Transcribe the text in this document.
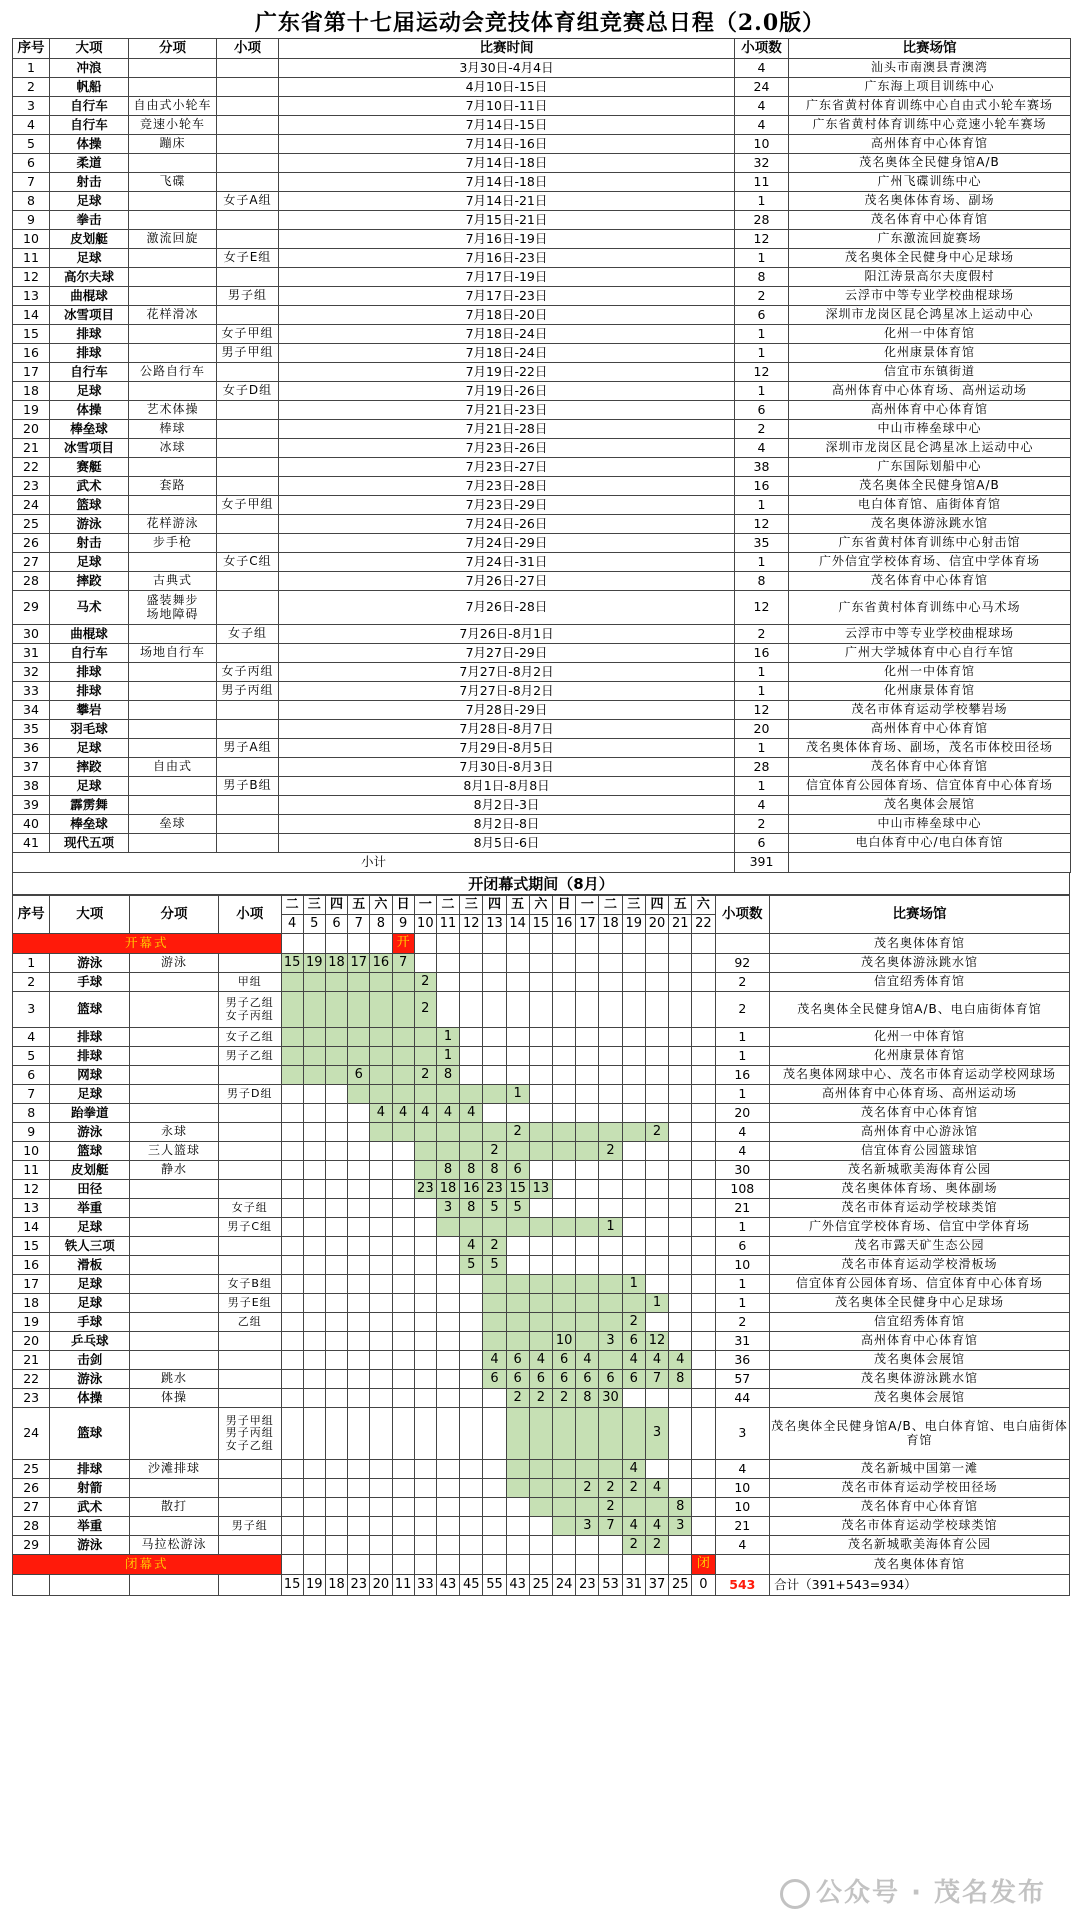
广东省第十七届运动会竞技体育组竞赛总日程（2.0版）
序号	大项	分项	小项	比赛时间	小项数	比赛场馆
1	冲浪			3月30日-4月4日	4	汕头市南澳县青澳湾
2	帆船			4月10日-15日	24	广东海上项目训练中心
3	自行车	自由式小轮车		7月10日-11日	4	广东省黄村体育训练中心自由式小轮车赛场
4	自行车	竞速小轮车		7月14日-15日	4	广东省黄村体育训练中心竞速小轮车赛场
5	体操	蹦床		7月14日-16日	10	高州体育中心体育馆
6	柔道			7月14日-18日	32	茂名奥体全民健身馆A/B
7	射击	飞碟		7月14日-18日	11	广州飞碟训练中心
8	足球		女子A组	7月14日-21日	1	茂名奥体体育场、副场
9	拳击			7月15日-21日	28	茂名体育中心体育馆
10	皮划艇	激流回旋		7月16日-19日	12	广东激流回旋赛场
11	足球		女子E组	7月16日-23日	1	茂名奥体全民健身中心足球场
12	高尔夫球			7月17日-19日	8	阳江涛景高尔夫度假村
13	曲棍球		男子组	7月17日-23日	2	云浮市中等专业学校曲棍球场
14	冰雪项目	花样滑冰		7月18日-20日	6	深圳市龙岗区昆仑鸿星冰上运动中心
15	排球		女子甲组	7月18日-24日	1	化州一中体育馆
16	排球		男子甲组	7月18日-24日	1	化州康景体育馆
17	自行车	公路自行车		7月19日-22日	12	信宜市东镇街道
18	足球		女子D组	7月19日-26日	1	高州体育中心体育场、高州运动场
19	体操	艺术体操		7月21日-23日	6	高州体育中心体育馆
20	棒垒球	棒球		7月21日-28日	2	中山市棒垒球中心
21	冰雪项目	冰球		7月23日-26日	4	深圳市龙岗区昆仑鸿星冰上运动中心
22	赛艇			7月23日-27日	38	广东国际划船中心
23	武术	套路		7月23日-28日	16	茂名奥体全民健身馆A/B
24	篮球		女子甲组	7月23日-29日	1	电白体育馆、庙街体育馆
25	游泳	花样游泳		7月24日-26日	12	茂名奥体游泳跳水馆
26	射击	步手枪		7月24日-29日	35	广东省黄村体育训练中心射击馆
27	足球		女子C组	7月24日-31日	1	广外信宜学校体育场、信宜中学体育场
28	摔跤	古典式		7月26日-27日	8	茂名体育中心体育馆
29	马术	盛装舞步
场地障碍		7月26日-28日	12	广东省黄村体育训练中心马术场
30	曲棍球		女子组	7月26日-8月1日	2	云浮市中等专业学校曲棍球场
31	自行车	场地自行车		7月27日-29日	16	广州大学城体育中心自行车馆
32	排球		女子丙组	7月27日-8月2日	1	化州一中体育馆
33	排球		男子丙组	7月27日-8月2日	1	化州康景体育馆
34	攀岩			7月28日-29日	12	茂名市体育运动学校攀岩场
35	羽毛球			7月28日-8月7日	20	高州体育中心体育馆
36	足球		男子A组	7月29日-8月5日	1	茂名奥体体育场、副场，茂名市体校田径场
37	摔跤	自由式		7月30日-8月3日	28	茂名体育中心体育馆
38	足球		男子B组	8月1日-8月8日	1	信宜体育公园体育场、信宜体育中心体育场
39	霹雳舞			8月2日-3日	4	茂名奥体会展馆
40	棒垒球	垒球		8月2日-8日	2	中山市棒垒球中心
41	现代五项			8月5日-6日	6	电白体育中心/电白体育馆
小计					391	
开闭幕式期间（8月）
序号	大项	分项	小项	二	三	四	五	六	日	一	二	三	四	五	六	日	一	二	三	四	五	六	小项数	比赛场馆
				4	5	6	7	8	9	10	11	12	13	14	15	16	17	18	19	20	21	22		
开幕式									开															茂名奥体体育馆
1	游泳	游泳		15	19	18	17	16	7														92	茂名奥体游泳跳水馆
2	手球		甲组							2													2	信宜绍秀体育馆
3	篮球		男子乙组
女子丙组							2													2	茂名奥体全民健身馆A/B、电白庙街体育馆
4	排球		女子乙组								1												1	化州一中体育馆
5	排球		男子乙组								1												1	化州康景体育馆
6	网球						6			2	8												16	茂名奥体网球中心、茂名市体育运动学校网球场
7	足球		男子D组											1									1	高州体育中心体育场、高州运动场
8	跆拳道							4	4	4	4	4											20	茂名体育中心体育馆
9	游泳	永球												2						2			4	高州体育中心游泳馆
10	篮球	三人篮球											2					2					4	信宜体育公园篮球馆
11	皮划艇	静水									8	8	8	6									30	茂名新城歌美海体育公园
12	田径									23	18	16	23	15	13								108	茂名奥体体育场、奥体副场
13	举重		女子组								3	8	5	5									21	茂名市体育运动学校球类馆
14	足球		男子C组															1					1	广外信宜学校体育场、信宜中学体育场
15	铁人三项											4	2										6	茂名市露天矿生态公园
16	滑板											5	5										10	茂名市体育运动学校滑板场
17	足球		女子B组																1				1	信宜体育公园体育场、信宜体育中心体育场
18	足球		男子E组																	1			1	茂名奥体全民健身中心足球场
19	手球		乙组																2				2	信宜绍秀体育馆
20	乒乓球															10		3	6	12			31	高州体育中心体育馆
21	击剑												4	6	4	6	4		4	4	4		36	茂名奥体会展馆
22	游泳	跳水											6	6	6	6	6	6	6	7	8		57	茂名奥体游泳跳水馆
23	体操	体操												2	2	2	8	30					44	茂名奥体会展馆
24	篮球		男子甲组
男子丙组
女子乙组																	3			3	茂名奥体全民健身馆A/B、电白体育馆、电白庙街体育馆
25	排球	沙滩排球																	4				4	茂名新城中国第一滩
26	射箭																2	2	2	4			10	茂名市体育运动学校田径场
27	武术	散打																2			8		10	茂名体育中心体育馆
28	举重		男子组														3	7	4	4	3		21	茂名市体育运动学校球类馆
29	游泳	马拉松游泳																	2	2			4	茂名新城歌美海体育公园
闭幕式																						闭		茂名奥体体育馆
				15	19	18	23	20	11	33	43	45	55	43	25	24	23	53	31	37	25	0	543	合计（391+543=934）
公众号 · 茂名发布
